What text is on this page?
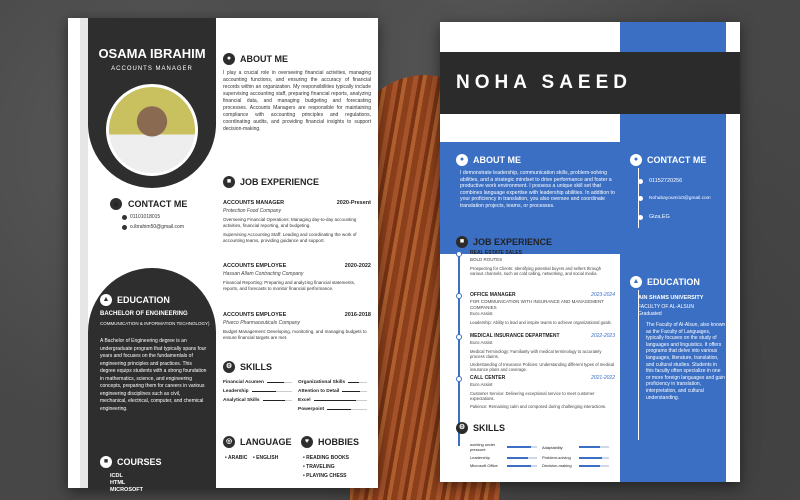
OSAMA IBRAHIM
ACCOUNTS MANAGER
●	CONTACT ME
01101018015
o.ibrahim50@gmail.com
▲ EDUCATION
BACHELOR OF ENGINEERING
COMMUNICATION & INFORMATION TECHNOLOGY)
A Bachelor of Engineering degree is an undergraduate program that typically spans four years and focuses on the fundamentals of engineering principles and practices. This degree equips students with a strong foundation in mathematics, science, and engineering concepts, preparing them for careers in various engineering disciplines such as civil, mechanical, electrical, computer, and chemical engineering.
■ COURSES
ICDL
HTML
MICROSOFT
● ABOUT ME
I play a crucial role in overseeing financial activities, managing accounting functions, and ensuring the accuracy of financial records within an organization. My responsibilities typically include supervising accounting staff, preparing financial reports, analyzing financial data, and managing budgeting and forecasting processes. Accounts Managers are responsible for maintaining compliance with accounting principles and regulations, coordinating audits, and providing financial insights to support decision-making.
■ JOB EXPERIENCE
ACCOUNTS MANAGER	2020-Present
Protection Food Company
Overseeing Financial Operations: Managing day-to-day accounting activities, financial reporting, and budgeting.
Supervising Accounting Staff: Leading and coordinating the work of accounting teams, providing guidance and support.
ACCOUNTS EMPLOYEE	2020-2022
Hassan Allam Contracting Company
Financial Reporting: Preparing and analyzing financial statements, reports, and forecasts to monitor financial performance.
ACCOUNTS EMPLOYEE	2016-2018
Pharco Pharmaceuticals Company
Budget Management: Developing, monitoring, and managing budgets to ensure financial targets are met.
⚙ SKILLS
Financial Acumen	Organizational Skills
Leadership	Attention to Detail
Analytical Skills	Excel
Powerpoint
◎ LANGUAGE
• ARABIC • ENGLISH
♥ HOBBIES
• READING BOOKS
• TRAVELING
• PLAYING CHESS
NOHA SAEED
● ABOUT ME
I demonstrate leadership, communication skills, problem-solving abilities, and a strategic mindset to drive performance and foster a productive work environment. I possess a unique skill set that combines language expertise with leadership abilities. In addition to your proficiency in translation, you also oversee and coordinate translation projects, teams, or processes.
● CONTACT ME
01152720256
Nohabayoumi10@gmail.com
Giza,EG
▲ EDUCATION
AIN SHAMS UNIVERSITY
FACULTY OF AL-ALSUN
Graduated
The Faculty of Al-Alsun, also known as the Faculty of Languages, typically focuses on the study of languages and linguistics. It offers programs that delve into various languages, literature, translation, and cultural studies. Students in this faculty often specialize in one or more foreign languages and gain proficiency in translation, interpretation, and cultural understanding.
■ JOB EXPERIENCE
REAL ESTATE SALES	2024/4/10 - Now
BOLD ROUTES
Prospecting for Clients: Identifying potential buyers and sellers through various channels, such as cold calling, networking, and social media.
OFFICE MANAGER	2023-2024
FOR COMMUNICATION WITH INSURANCE AND MANAGEMENT COMPANIES
Euro Assist
Leadership: Ability to lead and inspire teams to achieve organizational goals.
MEDICAL INSURANCE DEPARTMENT	2022-2023
Euro Assist
Medical Terminology: Familiarity with medical terminology to accurately process claims.
Understanding of Insurance Policies: Understanding different types of medical insurance plans and coverage.
CALL CENTER	2021-2022
Euro Assist
Customer Service: Delivering exceptional service to meet customer expectations.
Patience: Remaining calm and composed during challenging interactions.
⚙ SKILLS
working under pressure	Adaptability
Leadership	Problem-solving
Microsoft Office	Decision-making
